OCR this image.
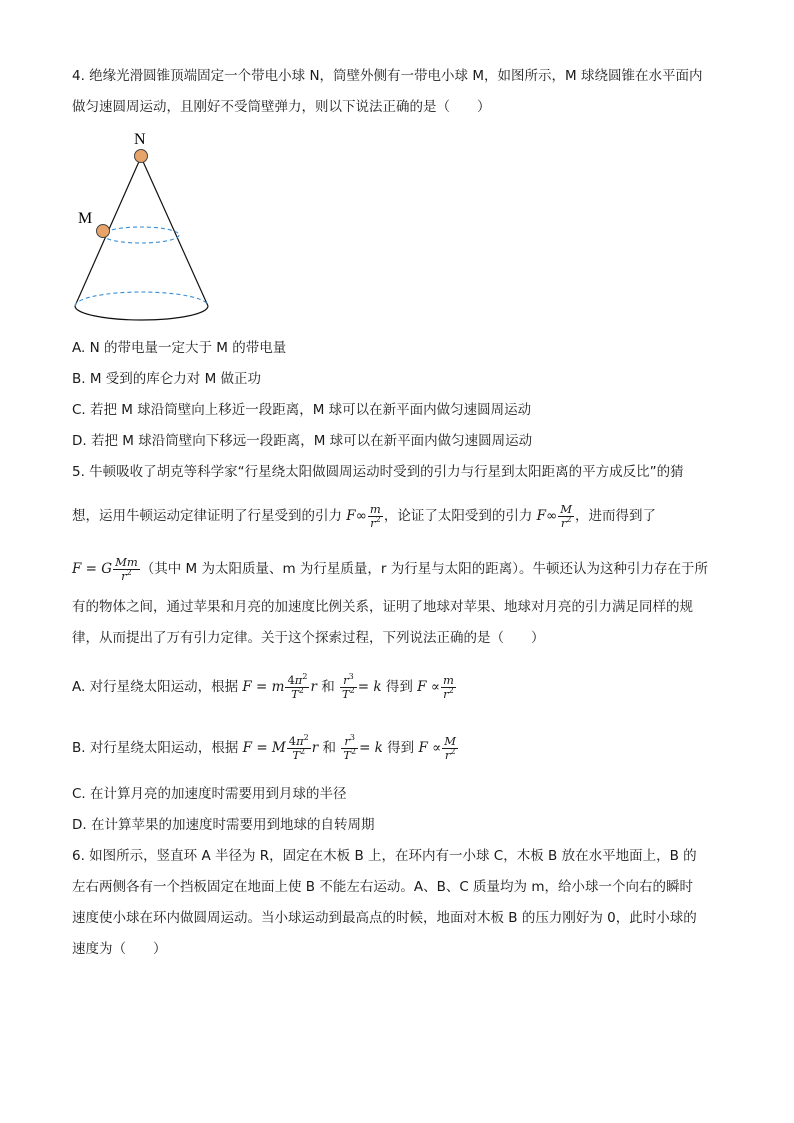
4. 绝缘光滑圆锥顶端固定一个带电小球 N，筒壁外侧有一带电小球 M，如图所示，M 球绕圆锥在水平面内
做匀速圆周运动，且刚好不受筒壁弹力，则以下说法正确的是（　　）
N
M
A. N 的带电量一定大于 M 的带电量
B. M 受到的库仑力对 M 做正功
C. 若把 M 球沿筒壁向上移近一段距离，M 球可以在新平面内做匀速圆周运动
D. 若把 M 球沿筒壁向下移远一段距离，M 球可以在新平面内做匀速圆周运动
5. 牛顿吸收了胡克等科学家“行星绕太阳做圆周运动时受到的引力与行星到太阳距离的平方成反比”的猜
想，运用牛顿运动定律证明了行星受到的引力 $F\infty \frac{m}{r^2}$ ，论证了太阳受到的引力 $F\infty \frac{M}{r^2}$ ，进而得到了
F = G $\frac{Mm}{r^2}$ （其中 M 为太阳质量、m 为行星质量，r 为行星与太阳的距离）。牛顿还认为这种引力存在于所
有的物体之间，通过苹果和月亮的加速度比例关系，证明了地球对苹果、地球对月亮的引力满足同样的规
律，从而提出了万有引力定律。关于这个探索过程，下列说法正确的是（　　）
A. 对行星绕太阳运动，根据 F = m $\frac{4\pi^2}{T^2}$ r 和 $\frac{r^3}{T^2} = k$ 得到 $F \propto \frac{m}{r^2}$
B. 对行星绕太阳运动，根据 F = M $\frac{4\pi^2}{T^2}$ r 和 $\frac{r^3}{T^2} = k$ 得到 $F \propto \frac{M}{r^2}$
C. 在计算月亮的加速度时需要用到月球的半径
D. 在计算苹果的加速度时需要用到地球的自转周期
6. 如图所示，竖直环 A 半径为 R，固定在木板 B 上，在环内有一小球 C，木板 B 放在水平地面上，B 的
左右两侧各有一个挡板固定在地面上使 B 不能左右运动。A、B、C 质量均为 m，给小球一个向右的瞬时
速度使小球在环内做圆周运动。当小球运动到最高点的时候，地面对木板 B 的压力刚好为 0，此时小球的
速度为（　　）
